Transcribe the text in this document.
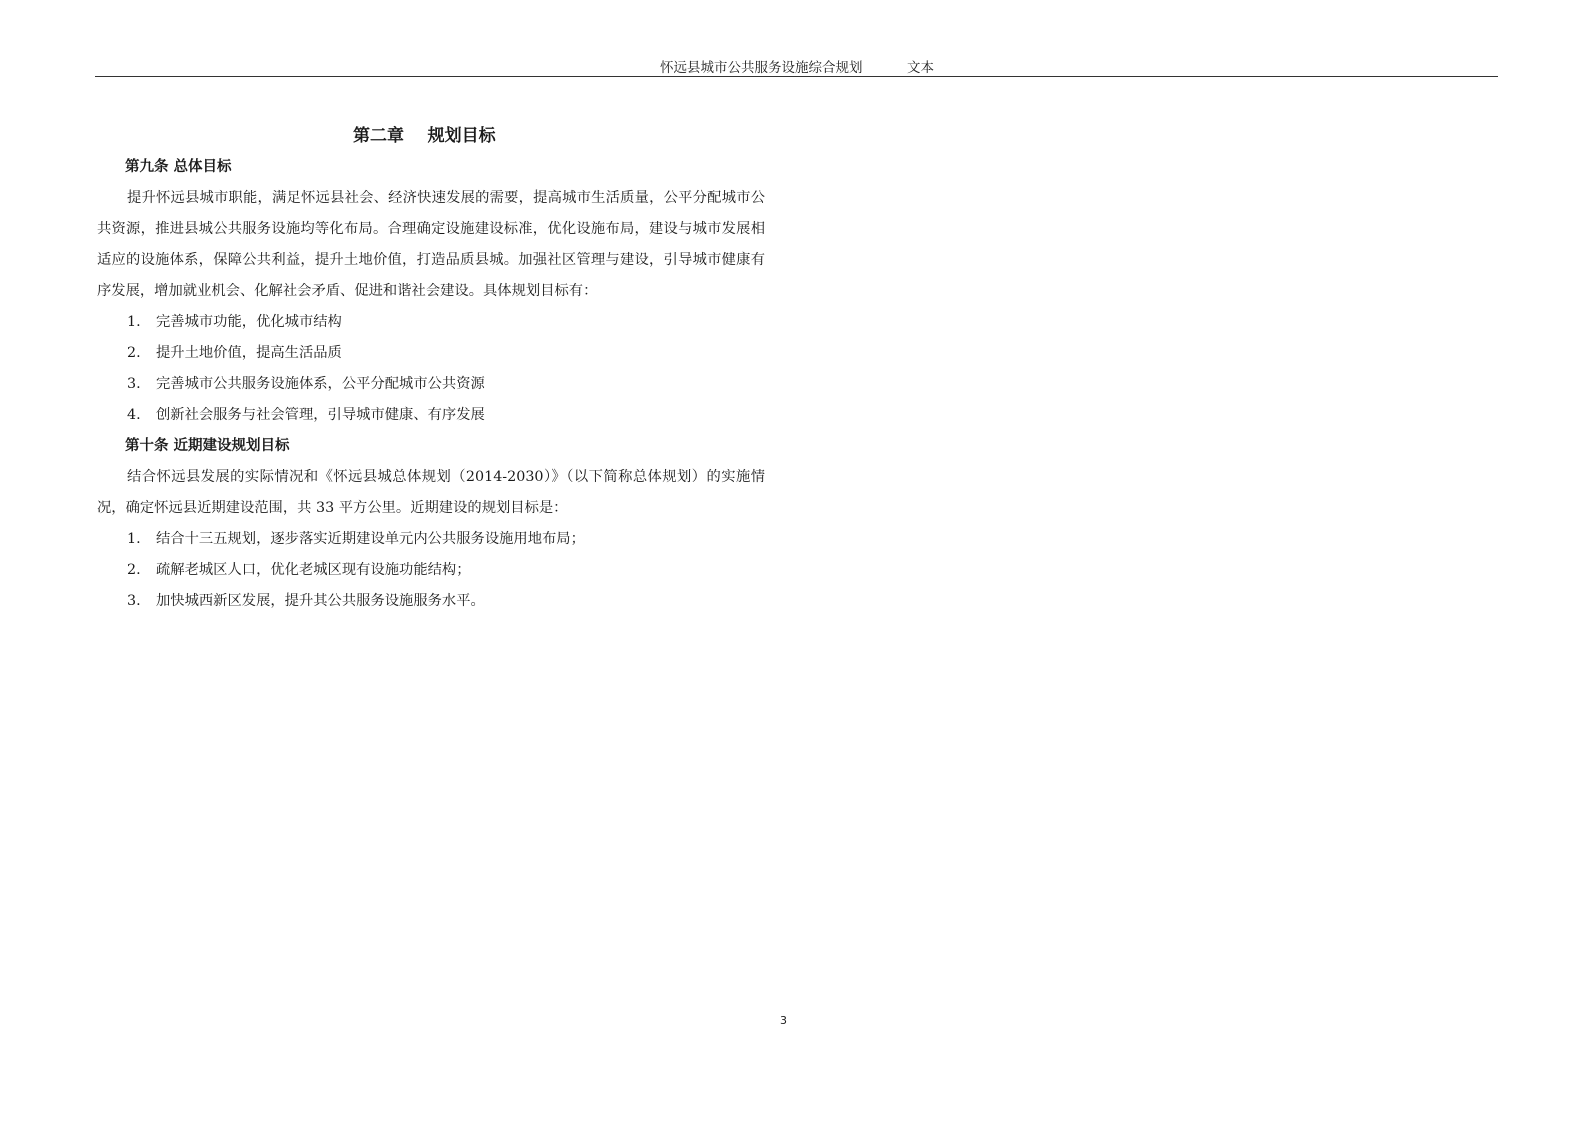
怀远县城市公共服务设施综合规划	文本
第二章    规划目标
第九条 总体目标

提升怀远县城市职能，满足怀远县社会、经济快速发展的需要，提高城市生活质量，公平分配城市公共资源，推进县城公共服务设施均等化布局。合理确定设施建设标准，优化设施布局，建设与城市发展相适应的设施体系，保障公共利益，提升土地价值，打造品质县城。加强社区管理与建设，引导城市健康有序发展，增加就业机会、化解社会矛盾、促进和谐社会建设。具体规划目标有：

1. 完善城市功能，优化城市结构
2. 提升土地价值，提高生活品质
3. 完善城市公共服务设施体系，公平分配城市公共资源
4. 创新社会服务与社会管理，引导城市健康、有序发展
第十条 近期建设规划目标

结合怀远县发展的实际情况和《怀远县城总体规划（2014-2030）》（以下简称总体规划）的实施情况，确定怀远县近期建设范围，共 33 平方公里。近期建设的规划目标是：

1. 结合十三五规划，逐步落实近期建设单元内公共服务设施用地布局；
2. 疏解老城区人口，优化老城区现有设施功能结构；
3. 加快城西新区发展，提升其公共服务设施服务水平。
3
